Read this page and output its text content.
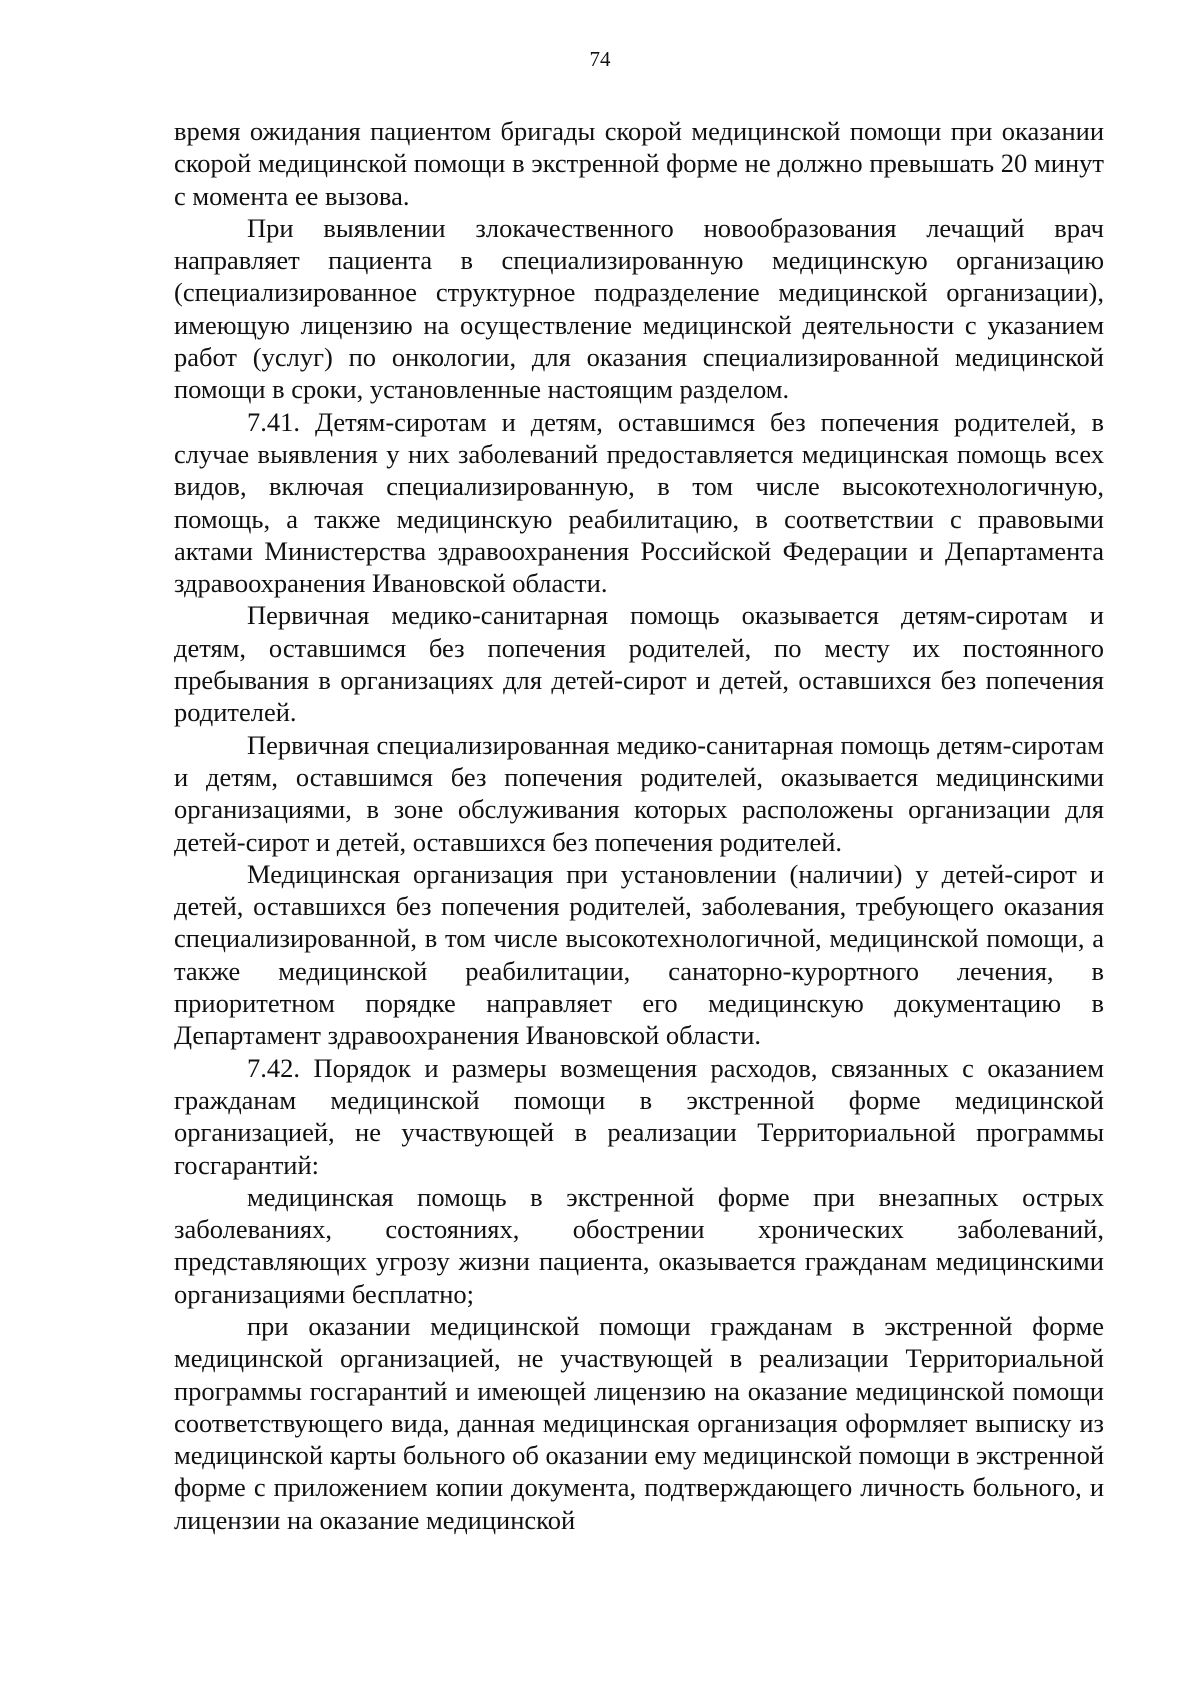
74

время ожидания пациентом бригады скорой медицинской помощи при оказании скорой медицинской помощи в экстренной форме не должно превышать 20 минут с момента ее вызова.

При выявлении злокачественного новообразования лечащий врач направляет пациента в специализированную медицинскую организацию (специализированное структурное подразделение медицинской организации), имеющую лицензию на осуществление медицинской деятельности с указанием работ (услуг) по онкологии, для оказания специализированной медицинской помощи в сроки, установленные настоящим разделом.

7.41. Детям-сиротам и детям, оставшимся без попечения родителей, в случае выявления у них заболеваний предоставляется медицинская помощь всех видов, включая специализированную, в том числе высокотехнологичную, помощь, а также медицинскую реабилитацию, в соответствии с правовыми актами Министерства здравоохранения Российской Федерации и Департамента здравоохранения Ивановской области.

Первичная медико-санитарная помощь оказывается детям-сиротам и детям, оставшимся без попечения родителей, по месту их постоянного пребывания в организациях для детей-сирот и детей, оставшихся без попечения родителей.

Первичная специализированная медико-санитарная помощь детям-сиротам и детям, оставшимся без попечения родителей, оказывается медицинскими организациями, в зоне обслуживания которых расположены организации для детей-сирот и детей, оставшихся без попечения родителей.

Медицинская организация при установлении (наличии) у детей-сирот и детей, оставшихся без попечения родителей, заболевания, требующего оказания специализированной, в том числе высокотехнологичной, медицинской помощи, а также медицинской реабилитации, санаторно-курортного лечения, в приоритетном порядке направляет его медицинскую документацию в Департамент здравоохранения Ивановской области.

7.42. Порядок и размеры возмещения расходов, связанных с оказанием гражданам медицинской помощи в экстренной форме медицинской организацией, не участвующей в реализации Территориальной программы госгарантий:

медицинская помощь в экстренной форме при внезапных острых заболеваниях, состояниях, обострении хронических заболеваний, представляющих угрозу жизни пациента, оказывается гражданам медицинскими организациями бесплатно;

при оказании медицинской помощи гражданам в экстренной форме медицинской организацией, не участвующей в реализации Территориальной программы госгарантий и имеющей лицензию на оказание медицинской помощи соответствующего вида, данная медицинская организация оформляет выписку из медицинской карты больного об оказании ему медицинской помощи в экстренной форме с приложением копии документа, подтверждающего личность больного, и лицензии на оказание медицинской
